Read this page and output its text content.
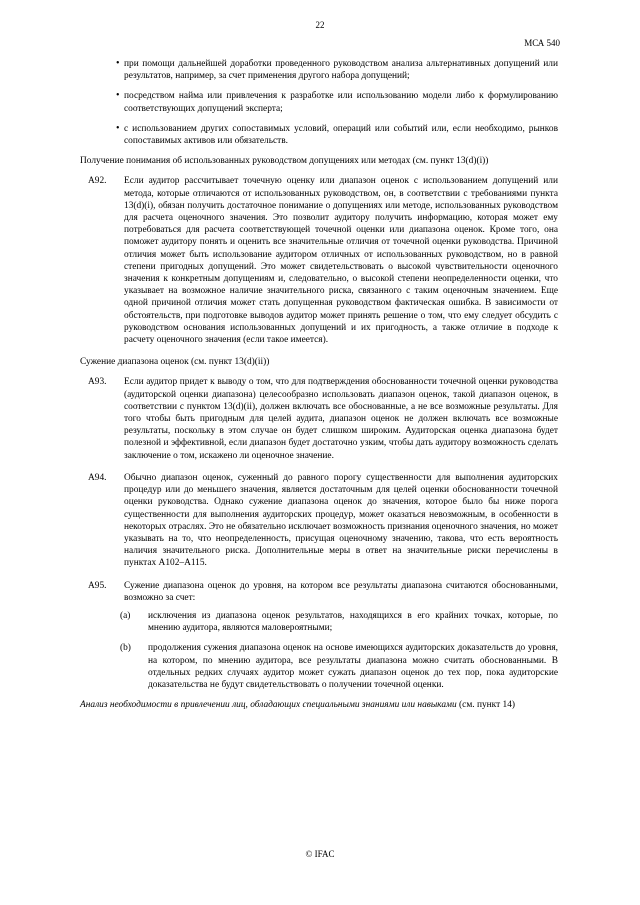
22
МСА 540
при помощи дальнейшей доработки проведенного руководством анализа альтернативных допущений или результатов, например, за счет применения другого набора допущений;
посредством найма или привлечения к разработке или использованию модели либо к формулированию соответствующих допущений эксперта;
с использованием других сопоставимых условий, операций или событий или, если необходимо, рынков сопоставимых активов или обязательств.
Получение понимания об использованных руководством допущениях или методах (см. пункт 13(d)(i))
A92. Если аудитор рассчитывает точечную оценку или диапазон оценок с использованием допущений или метода, которые отличаются от использованных руководством, он, в соответствии с требованиями пункта 13(d)(i), обязан получить достаточное понимание о допущениях или методе, использованных руководством для расчета оценочного значения. Это позволит аудитору получить информацию, которая может ему потребоваться для расчета соответствующей точечной оценки или диапазона оценок. Кроме того, она поможет аудитору понять и оценить все значительные отличия от точечной оценки руководства. Причиной отличия может быть использование аудитором отличных от использованных руководством, но в равной степени пригодных допущений. Это может свидетельствовать о высокой чувствительности оценочного значения к конкретным допущениям и, следовательно, о высокой степени неопределенности оценки, что указывает на возможное наличие значительного риска, связанного с таким оценочным значением. Еще одной причиной отличия может стать допущенная руководством фактическая ошибка. В зависимости от обстоятельств, при подготовке выводов аудитор может принять решение о том, что ему следует обсудить с руководством основания использованных допущений и их пригодность, а также отличие в подходе к расчету оценочного значения (если такое имеется).
Сужение диапазона оценок (см. пункт 13(d)(ii))
A93. Если аудитор придет к выводу о том, что для подтверждения обоснованности точечной оценки руководства (аудиторской оценки диапазона) целесообразно использовать диапазон оценок, такой диапазон оценок, в соответствии с пунктом 13(d)(ii), должен включать все обоснованные, а не все возможные результаты. Для того чтобы быть пригодным для целей аудита, диапазон оценок не должен включать все возможные результаты, поскольку в этом случае он будет слишком широким. Аудиторская оценка диапазона будет полезной и эффективной, если диапазон будет достаточно узким, чтобы дать аудитору возможность сделать заключение о том, искажено ли оценочное значение.
A94. Обычно диапазон оценок, суженный до равного порогу существенности для выполнения аудиторских процедур или до меньшего значения, является достаточным для целей оценки обоснованности точечной оценки руководства. Однако сужение диапазона оценок до значения, которое было бы ниже порога существенности для выполнения аудиторских процедур, может оказаться невозможным, в особенности в некоторых отраслях. Это не обязательно исключает возможность признания оценочного значения, но может указывать на то, что неопределенность, присущая оценочному значению, такова, что есть вероятность наличия значительного риска. Дополнительные меры в ответ на значительные риски перечислены в пунктах А102–А115.
A95. Сужение диапазона оценок до уровня, на котором все результаты диапазона считаются обоснованными, возможно за счет:
(a) исключения из диапазона оценок результатов, находящихся в его крайних точках, которые, по мнению аудитора, являются маловероятными;
(b) продолжения сужения диапазона оценок на основе имеющихся аудиторских доказательств до уровня, на котором, по мнению аудитора, все результаты диапазона можно считать обоснованными. В отдельных редких случаях аудитор может сужать диапазон оценок до тех пор, пока аудиторские доказательства не будут свидетельствовать о получении точечной оценки.
Анализ необходимости в привлечении лиц, обладающих специальными знаниями или навыками (см. пункт 14)
© IFAC
